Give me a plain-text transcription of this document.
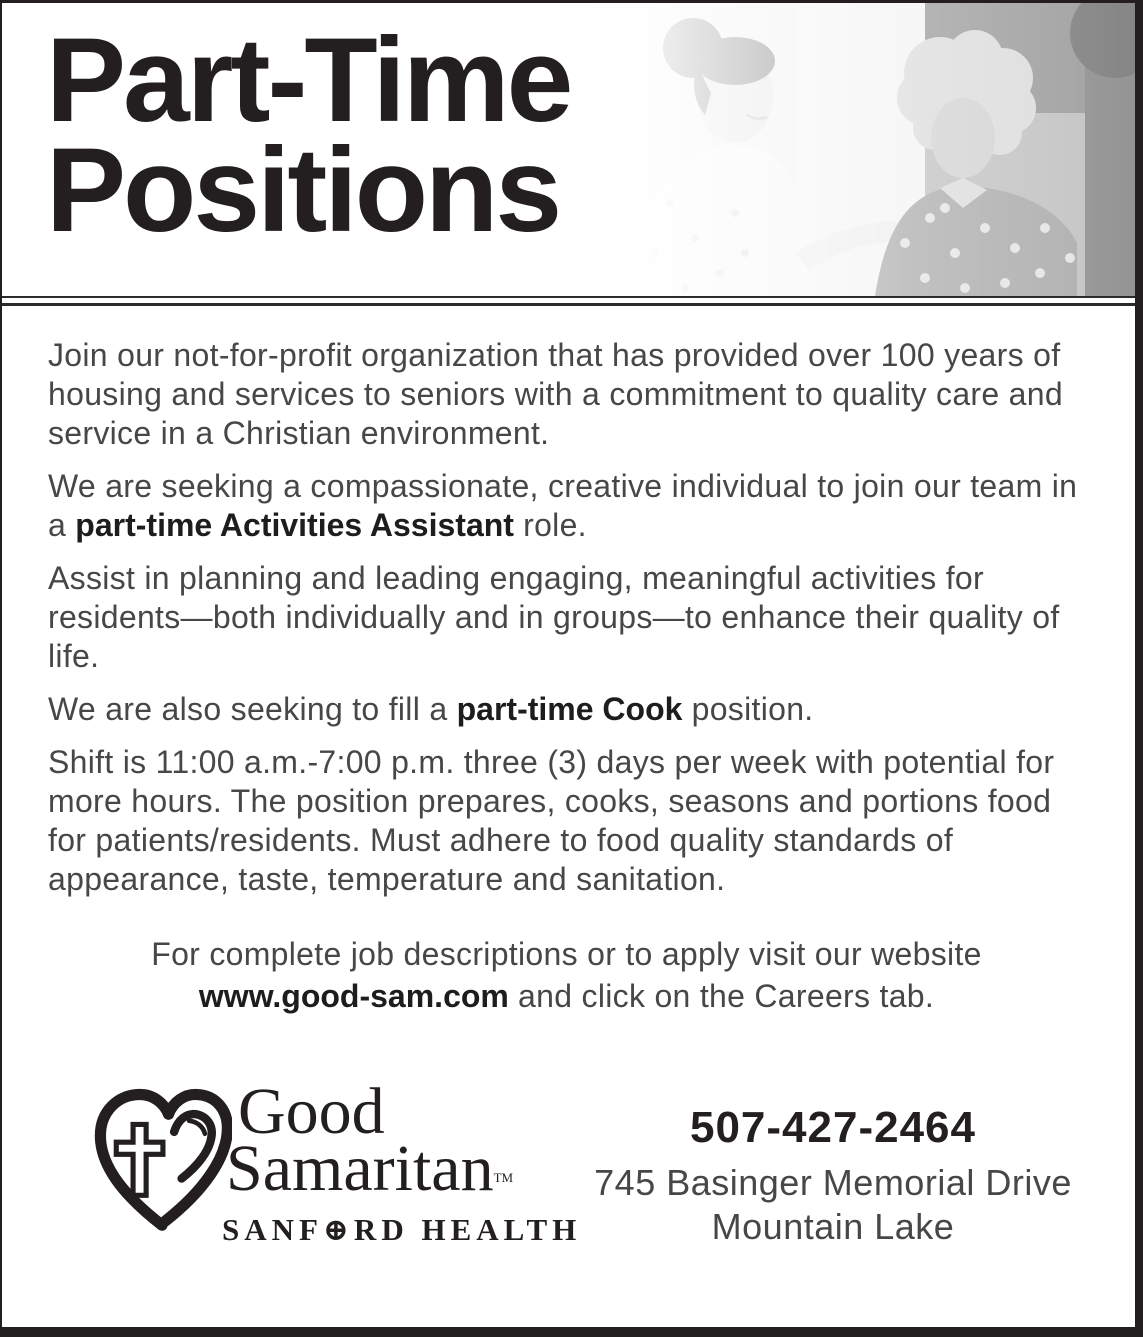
Part-Time
Positions

Join our not-for-profit organization that has provided over 100 years of housing and services to seniors with a commitment to quality care and service in a Christian environment.

We are seeking a compassionate, creative individual to join our team in a part-time Activities Assistant role.

Assist in planning and leading engaging, meaningful activities for residents—both individually and in groups—to enhance their quality of life.

We are also seeking to fill a part-time Cook position.

Shift is 11:00 a.m.-7:00 p.m. three (3) days per week with potential for more hours. The position prepares, cooks, seasons and portions food for patients/residents. Must adhere to food quality standards of appearance, taste, temperature and sanitation.

For complete job descriptions or to apply visit our website
www.good-sam.com and click on the Careers tab.

Good
SamaritanTM
SANF⊕RD HEALTH
507-427-2464
745 Basinger Memorial Drive
Mountain Lake
